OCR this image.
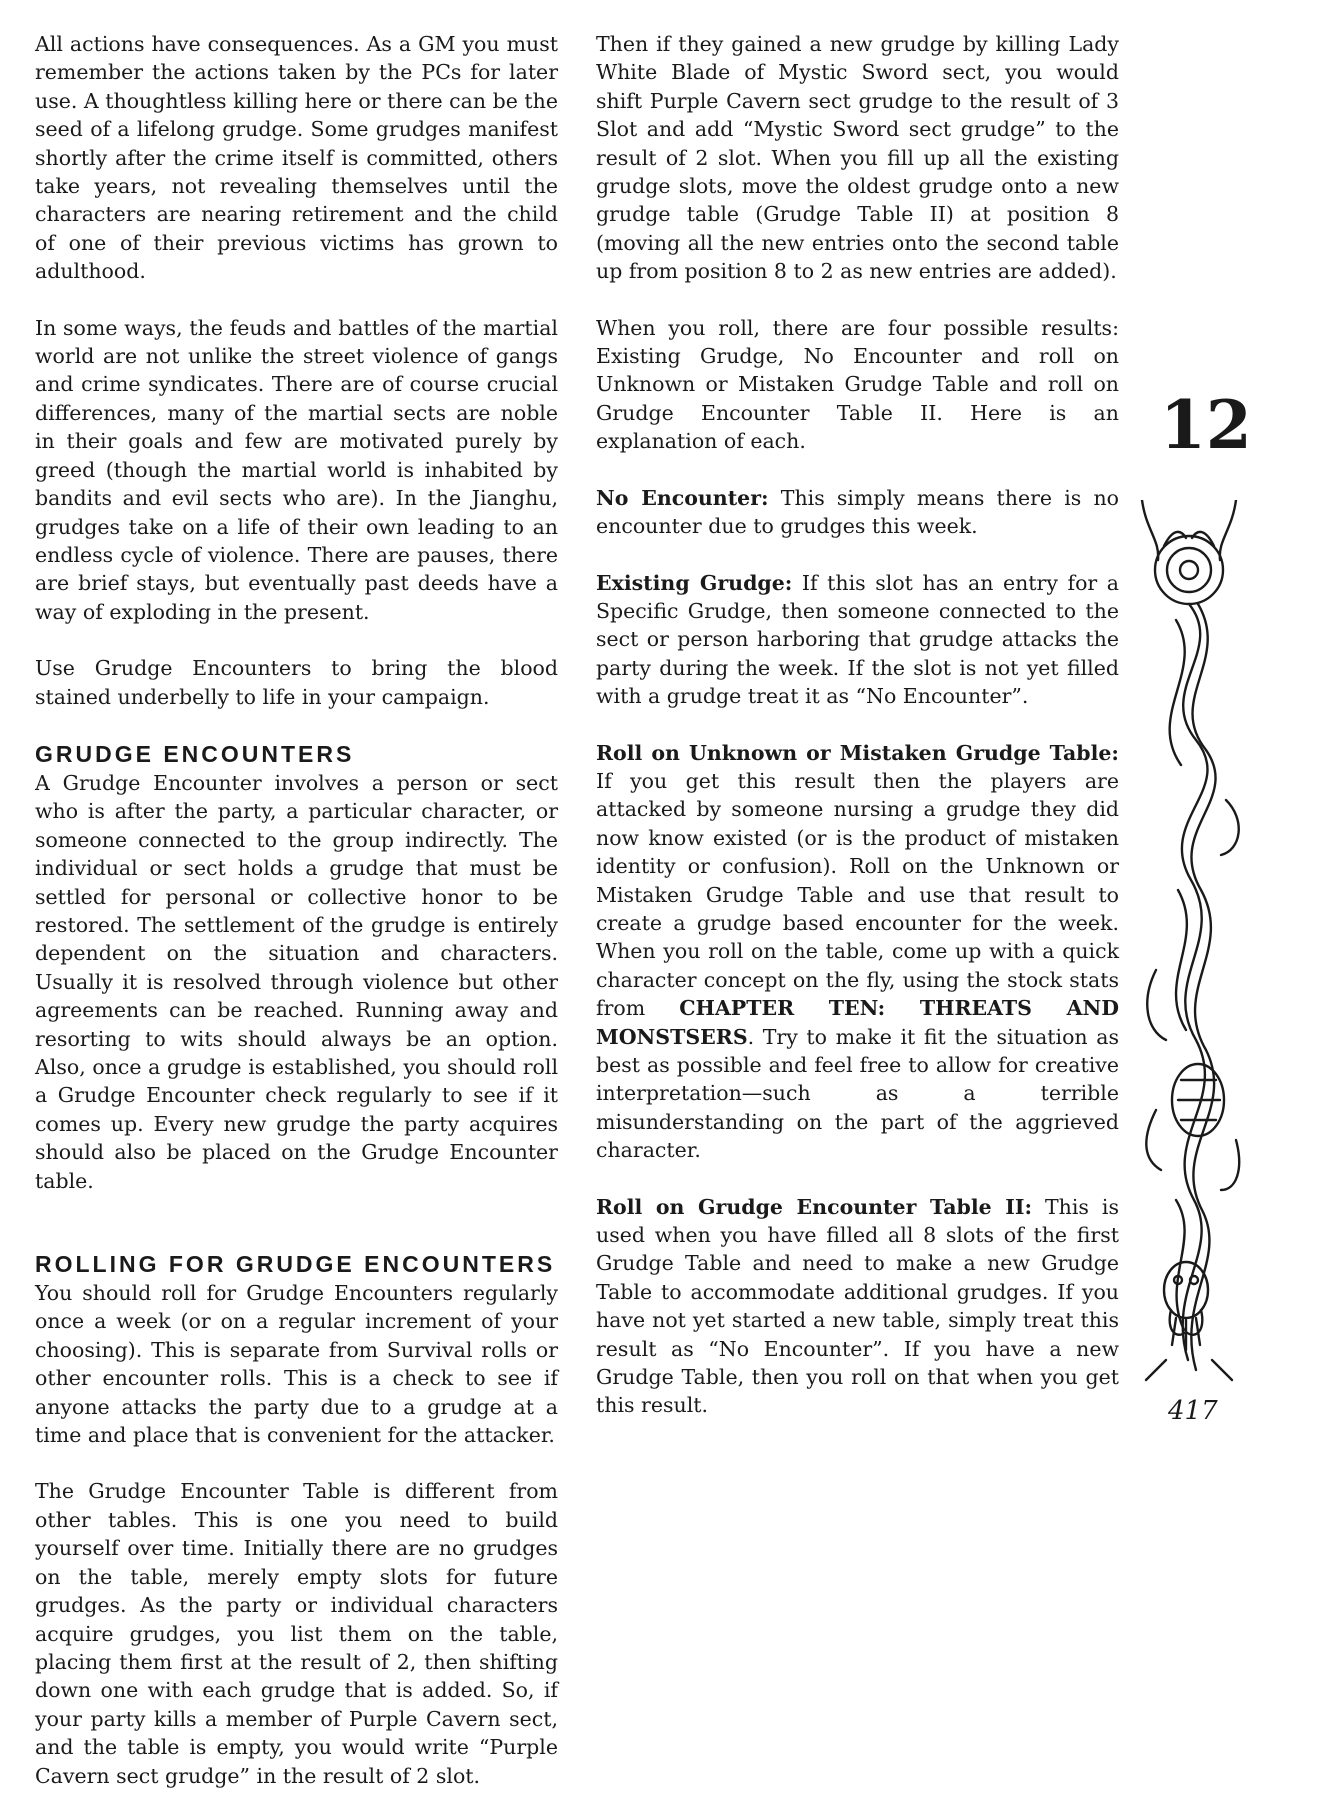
All actions have consequences. As a GM you must remember the actions taken by the PCs for later use. A thoughtless killing here or there can be the seed of a lifelong grudge. Some grudges manifest shortly after the crime itself is committed, others take years, not revealing themselves until the characters are nearing retirement and the child of one of their previous victims has grown to adulthood.

In some ways, the feuds and battles of the martial world are not unlike the street violence of gangs and crime syndicates. There are of course crucial differences, many of the martial sects are noble in their goals and few are motivated purely by greed (though the martial world is inhabited by bandits and evil sects who are). In the Jianghu, grudges take on a life of their own leading to an endless cycle of violence. There are pauses, there are brief stays, but eventually past deeds have a way of exploding in the present.

Use Grudge Encounters to bring the blood stained underbelly to life in your campaign.

GRUDGE ENCOUNTERS

A Grudge Encounter involves a person or sect who is after the party, a particular character, or someone connected to the group indirectly. The individual or sect holds a grudge that must be settled for personal or collective honor to be restored. The settlement of the grudge is entirely dependent on the situation and characters. Usually it is resolved through violence but other agreements can be reached. Running away and resorting to wits should always be an option. Also, once a grudge is established, you should roll a Grudge Encounter check regularly to see if it comes up. Every new grudge the party acquires should also be placed on the Grudge Encounter table.

ROLLING FOR GRUDGE ENCOUNTERS

You should roll for Grudge Encounters regularly once a week (or on a regular increment of your choosing). This is separate from Survival rolls or other encounter rolls. This is a check to see if anyone attacks the party due to a grudge at a time and place that is convenient for the attacker.

The Grudge Encounter Table is different from other tables. This is one you need to build yourself over time. Initially there are no grudges on the table, merely empty slots for future grudges. As the party or individual characters acquire grudges, you list them on the table, placing them first at the result of 2, then shifting down one with each grudge that is added. So, if your party kills a member of Purple Cavern sect, and the table is empty, you would write “Purple Cavern sect grudge” in the result of 2 slot.

Then if they gained a new grudge by killing Lady White Blade of Mystic Sword sect, you would shift Purple Cavern sect grudge to the result of 3 Slot and add “Mystic Sword sect grudge” to the result of 2 slot. When you fill up all the existing grudge slots, move the oldest grudge onto a new grudge table (Grudge Table II) at position 8 (moving all the new entries onto the second table up from position 8 to 2 as new entries are added).

When you roll, there are four possible results: Existing Grudge, No Encounter and roll on Unknown or Mistaken Grudge Table and roll on Grudge Encounter Table II. Here is an explanation of each.

No Encounter: This simply means there is no encounter due to grudges this week.

Existing Grudge: If this slot has an entry for a Specific Grudge, then someone connected to the sect or person harboring that grudge attacks the party during the week. If the slot is not yet filled with a grudge treat it as “No Encounter”.

Roll on Unknown or Mistaken Grudge Table: If you get this result then the players are attacked by someone nursing a grudge they did now know existed (or is the product of mistaken identity or confusion). Roll on the Unknown or Mistaken Grudge Table and use that result to create a grudge based encounter for the week. When you roll on the table, come up with a quick character concept on the fly, using the stock stats from CHAPTER TEN: THREATS AND MONSTSERS. Try to make it fit the situation as best as possible and feel free to allow for creative interpretation—such as a terrible misunderstanding on the part of the aggrieved character.

Roll on Grudge Encounter Table II: This is used when you have filled all 8 slots of the first Grudge Table and need to make a new Grudge Table to accommodate additional grudges. If you have not yet started a new table, simply treat this result as “No Encounter”. If you have a new Grudge Table, then you roll on that when you get this result.

12
417
